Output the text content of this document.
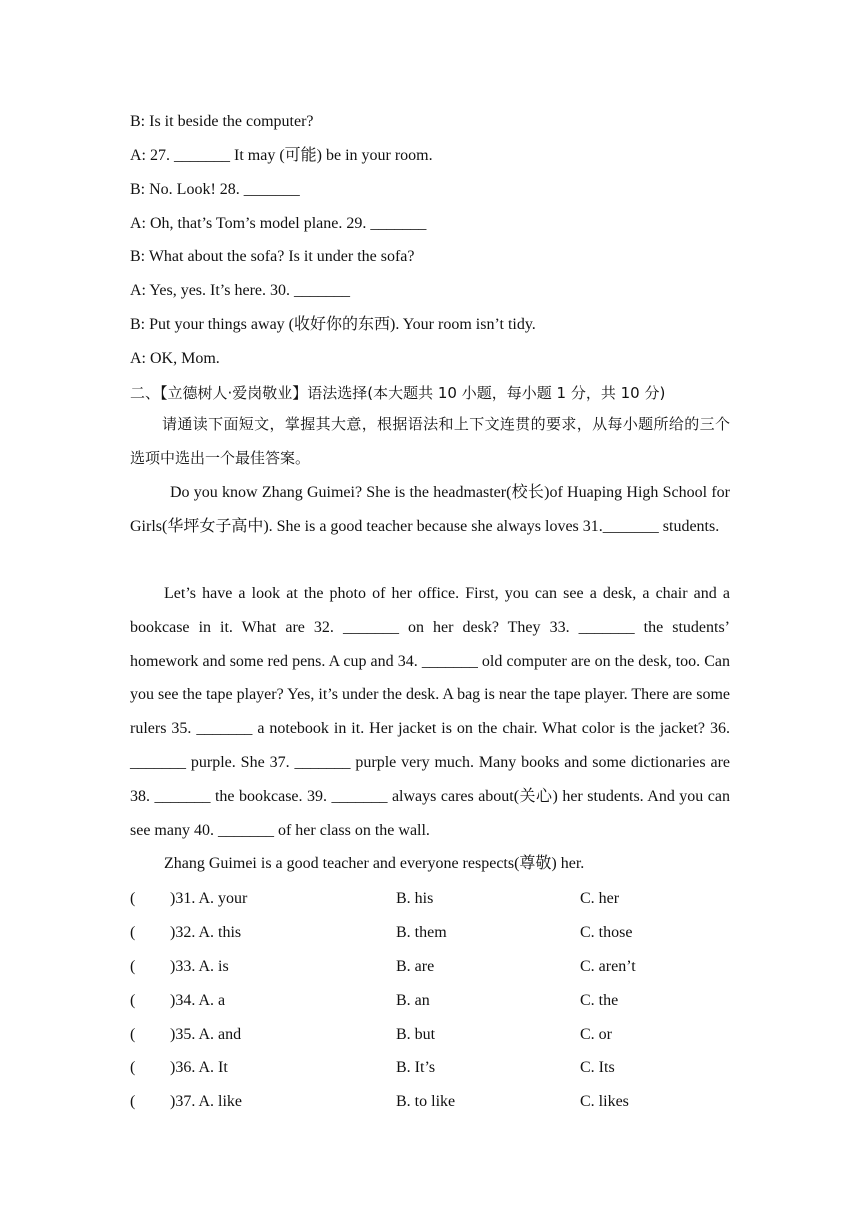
B: Is it beside the computer?
A: 27. _______ It may (可能) be in your room.
B: No. Look! 28. _______
A: Oh, that’s Tom’s model plane. 29. _______
B: What about the sofa? Is it under the sofa?
A: Yes, yes. It’s here. 30. _______
B: Put your things away (收好你的东西). Your room isn’t tidy.
A: OK, Mom.
二、【立德树人·爱岗敬业】语法选择(本大题共 10 小题，每小题 1 分，共 10 分)
请通读下面短文，掌握其大意，根据语法和上下文连贯的要求，从每小题所给的三个选项中选出一个最佳答案。
Do you know Zhang Guimei? She is the headmaster(校长)of Huaping High School for Girls(华坪女子高中). She is a good teacher because she always loves 31._______ students.
Let’s have a look at the photo of her office. First, you can see a desk, a chair and a bookcase in it. What are 32. _______ on her desk? They 33. _______ the students’ homework and some red pens. A cup and 34. _______ old computer are on the desk, too. Can you see the tape player? Yes, it’s under the desk. A bag is near the tape player. There are some rulers 35. _______ a notebook in it. Her jacket is on the chair. What color is the jacket? 36. _______ purple. She 37. _______ purple very much. Many books and some dictionaries are 38. _______ the bookcase. 39. _______ always cares about(关心) her students. And you can see many 40. _______ of her class on the wall.
Zhang Guimei is a good teacher and everyone respects(尊敬) her.
( )31. A. your	B. his	C. her
( )32. A. this	B. them	C. those
( )33. A. is	B. are	C. aren’t
( )34. A. a	B. an	C. the
( )35. A. and	B. but	C. or
( )36. A. It	B. It’s	C. Its
( )37. A. like	B. to like	C. likes
